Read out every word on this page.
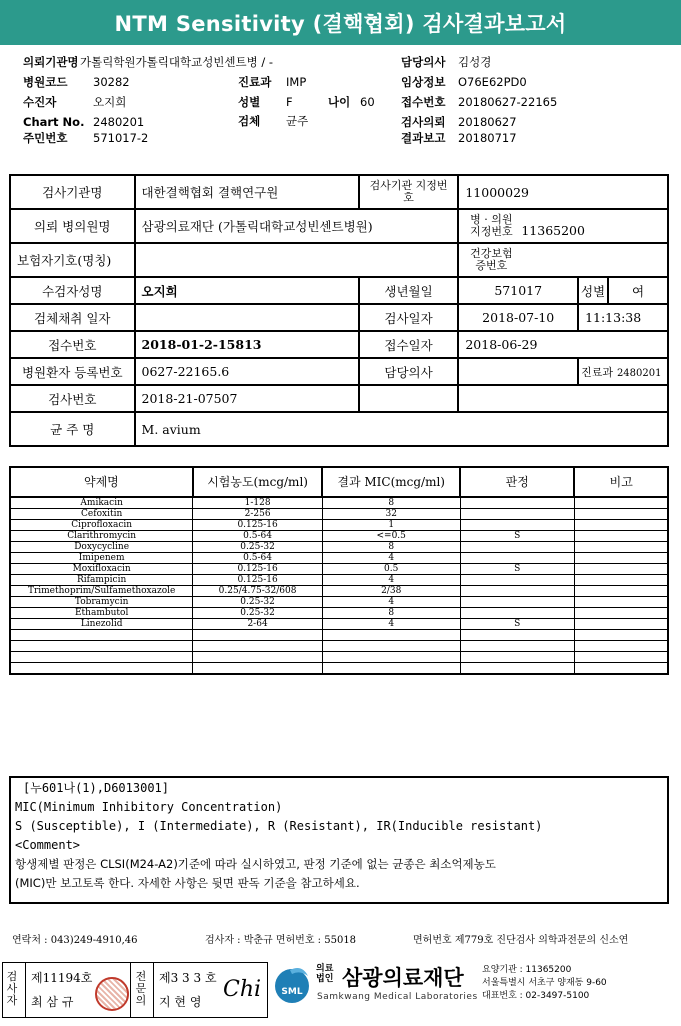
NTM Sensitivity (결핵협회) 검사결과보고서
의뢰기관명 가톨릭학원가톨릭대학교성빈센트병 / -
병원코드 30282
수진자	오지희
Chart No. 2480201
주민번호 571017-2
진료과 IMP
성별 F	나이 60
검체 균주
담당의사 김성경
임상정보 O76E62PD0
접수번호 20180627-22165
검사의뢰 20180627
결과보고 20180717
검사기관명	대한결핵협회 결핵연구원	검사기관 지정번호	11000029		
의뢰 병의원명	삼광의료재단 (가톨릭대학교성빈센트병원)		병 · 의원 지정번호 11365200		
보험자기호(명칭)			건강보험 증번호		
수검자성명	오지희	생년월일	571017	성별	여
검체채취 일자		검사일자	2018-07-10	11:13:38	
접수번호	2018-01-2-15813	접수일자	2018-06-29		
병원환자 등록번호	0627-22165.6	담당의사		진료과 2480201	
검사번호	2018-21-07507				
균 주 명	M. avium				
약제명	시험농도(mcg/ml)	결과 MIC(mcg/ml)	판정	비고
Amikacin	1-128	8		
Cefoxitin	2-256	32		
Ciprofloxacin	0.125-16	1		
Clarithromycin	0.5-64	<=0.5	S	
Doxycycline	0.25-32	8		
Imipenem	0.5-64	4		
Moxifloxacin	0.125-16	0.5	S	
Rifampicin	0.125-16	4		
Trimethoprim/Sulfamethoxazole	0.25/4.75-32/608	2/38		
Tobramycin	0.25-32	4		
Ethambutol	0.25-32	8		
Linezolid	2-64	4	S	

[누601나(1),D6013001]
MIC(Minimum Inhibitory Concentration)
S (Susceptible), I (Intermediate), R (Resistant), IR(Inducible resistant)
<Comment>
항생제별 판정은 CLSI(M24-A2)기준에 따라 실시하였고, 판정 기준에 없는 균종은 최소억제농도
(MIC)만 보고토록 한다. 자세한 사항은 뒷면 판독 기준을 참고하세요.
연락처 : 043)249-4910,46	검사자 : 박춘규 면허번호 : 55018	면허번호 제779호 진단검사 의학과전문의 신소연
검사자
제11194호
최 삼 규
전문의
제3 3 3 호
지 현 영 Chi SML
의료법인 삼광의료재단
Samkwang Medical Laboratories
요양기관 : 11365200
서울특별시 서초구 양재동 9-60
대표번호 : 02-3497-5100
